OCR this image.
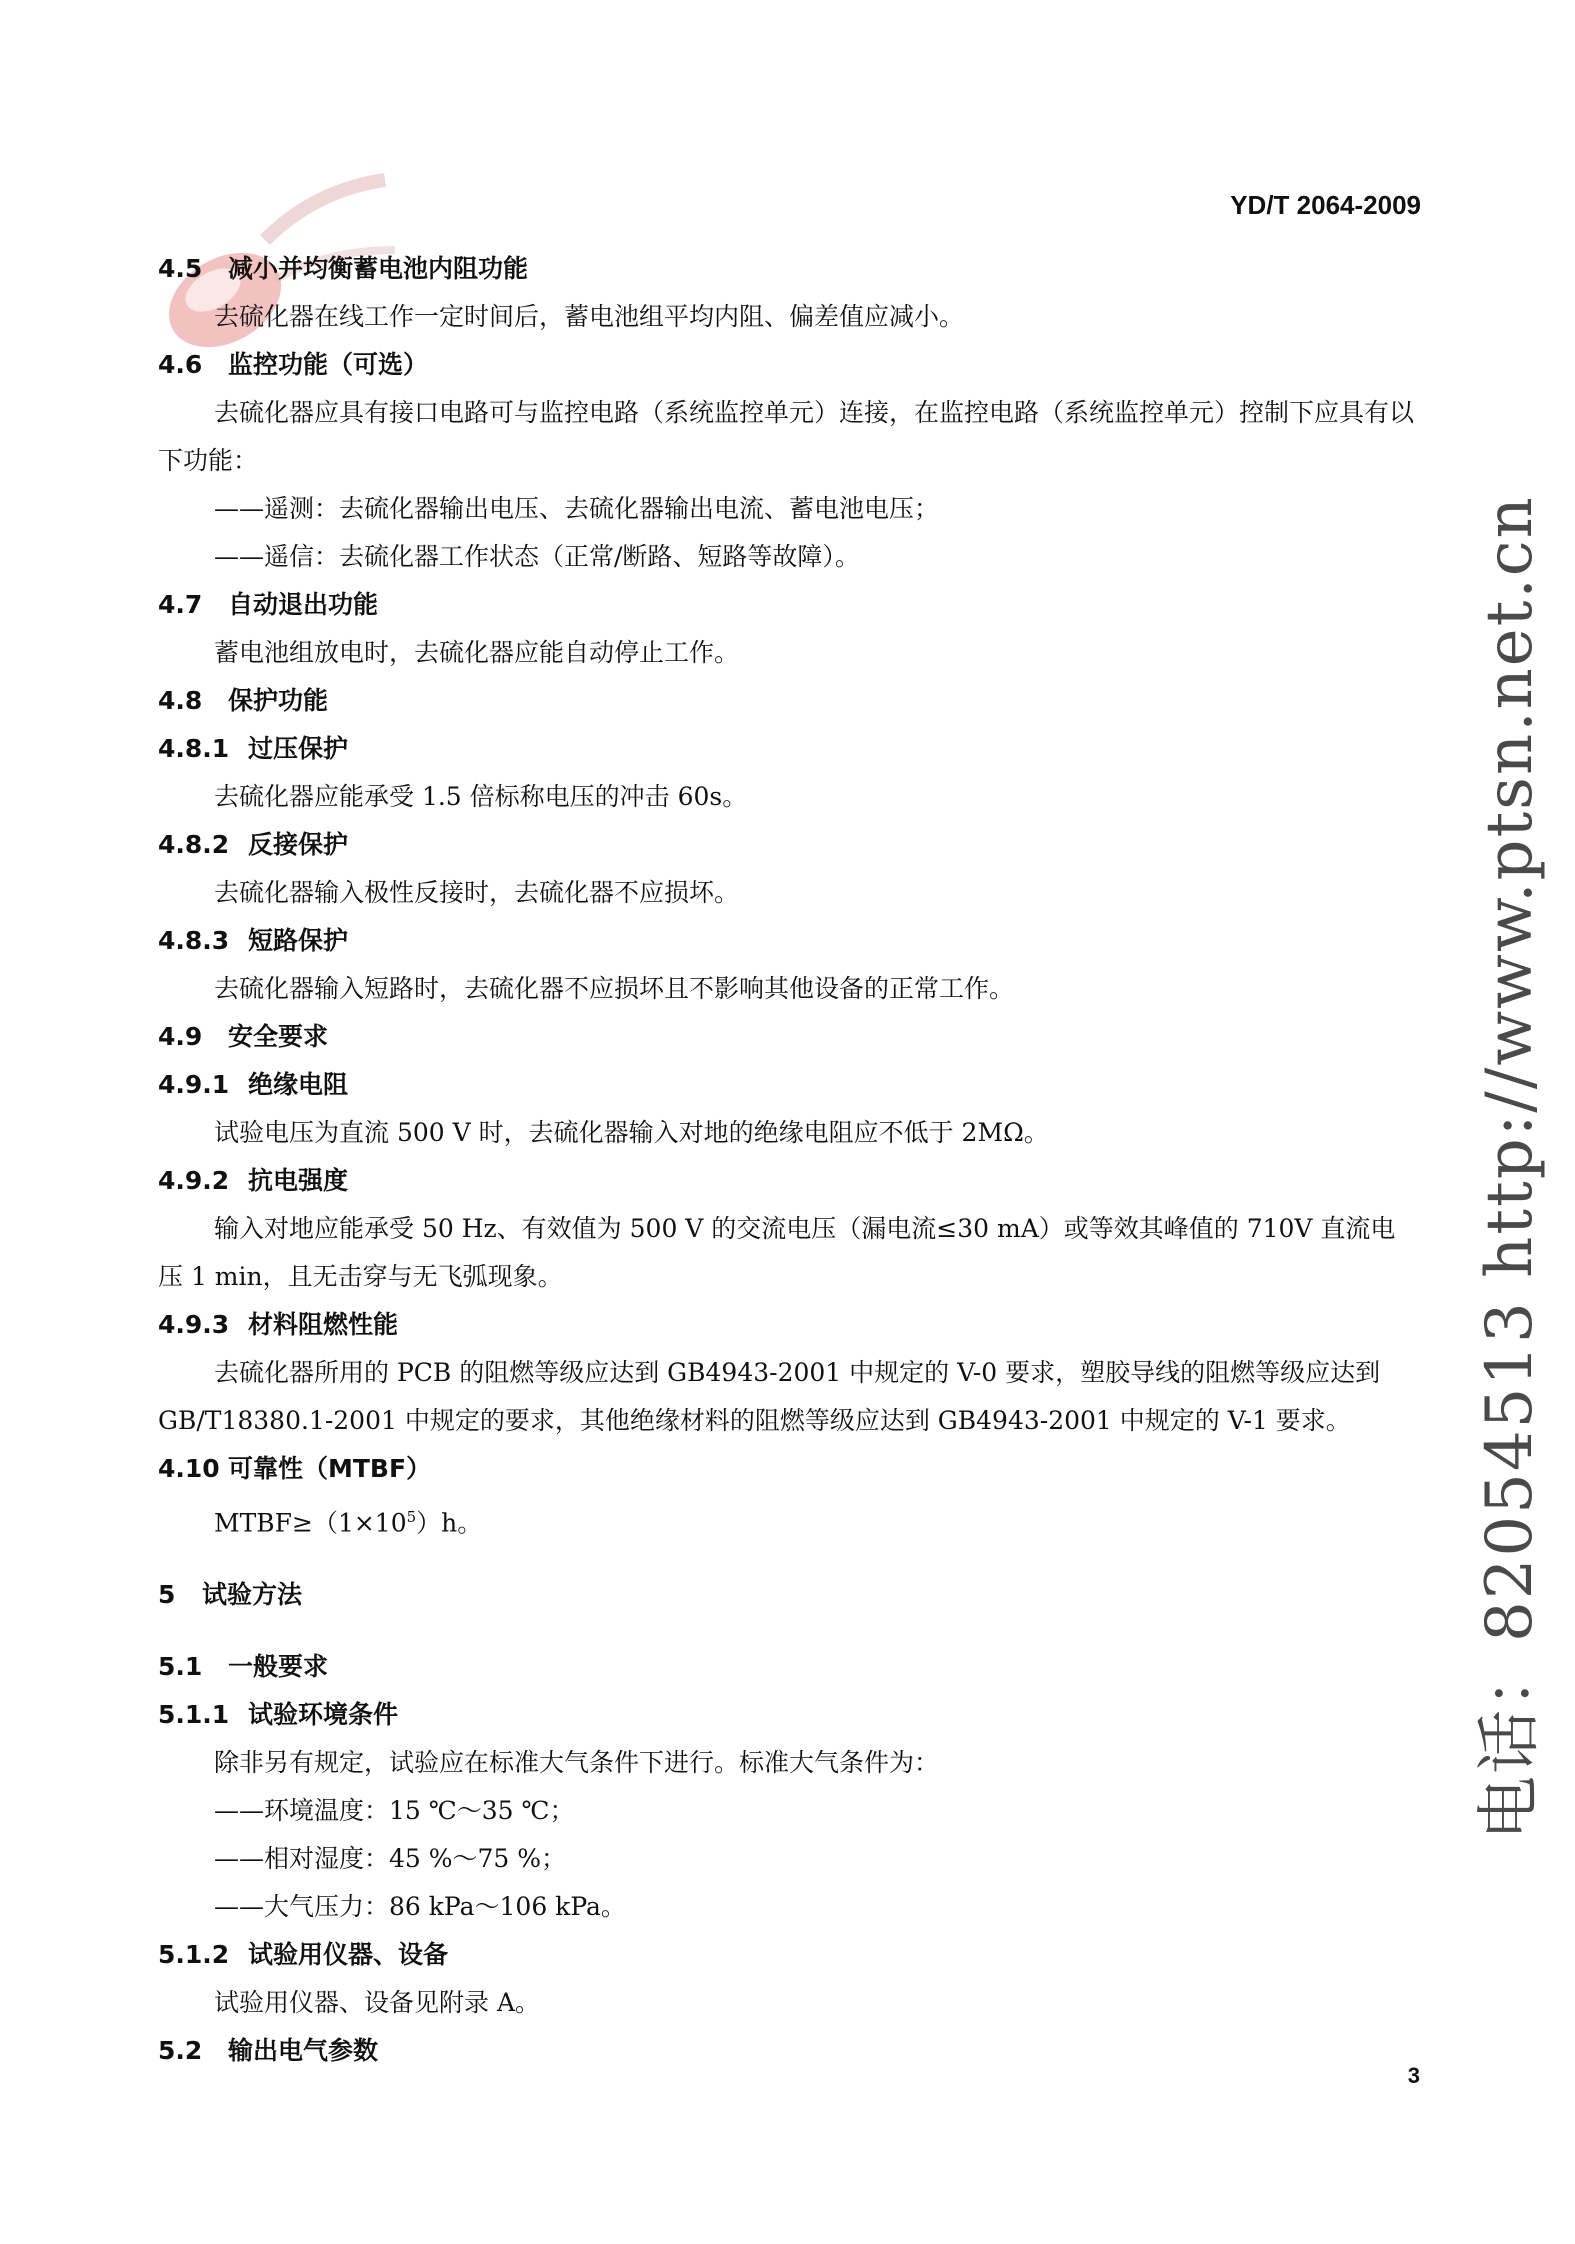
YD/T 2064-2009

4.5 减小并均衡蓄电池内阻功能

去硫化器在线工作一定时间后，蓄电池组平均内阻、偏差值应减小。

4.6 监控功能（可选）

去硫化器应具有接口电路可与监控电路（系统监控单元）连接，在监控电路（系统监控单元）控制下应具有以下功能：

——遥测：去硫化器输出电压、去硫化器输出电流、蓄电池电压；

——遥信：去硫化器工作状态（正常/断路、短路等故障）。

4.7 自动退出功能

蓄电池组放电时，去硫化器应能自动停止工作。

4.8 保护功能
4.8.1 过压保护

去硫化器应能承受 1.5 倍标称电压的冲击 60s。

4.8.2 反接保护

去硫化器输入极性反接时，去硫化器不应损坏。

4.8.3 短路保护

去硫化器输入短路时，去硫化器不应损坏且不影响其他设备的正常工作。

4.9 安全要求
4.9.1 绝缘电阻

试验电压为直流 500 V 时，去硫化器输入对地的绝缘电阻应不低于 2MΩ。

4.9.2 抗电强度

输入对地应能承受 50 Hz、有效值为 500 V 的交流电压（漏电流≤30 mA）或等效其峰值的 710V 直流电压 1 min，且无击穿与无飞弧现象。

4.9.3 材料阻燃性能

去硫化器所用的 PCB 的阻燃等级应达到 GB4943-2001 中规定的 V-0 要求，塑胶导线的阻燃等级应达到 GB/T18380.1-2001 中规定的要求，其他绝缘材料的阻燃等级应达到 GB4943-2001 中规定的 V-1 要求。

4.10 可靠性（MTBF）

$MTBF\ge(1\times 10^5)h$。

5 试验方法
5.1 一般要求
5.1.1 试验环境条件

除非另有规定，试验应在标准大气条件下进行。标准大气条件为：

——环境温度：15 ℃～35 ℃；

——相对湿度：45 %～75 %；

——大气压力：86 kPa～106 kPa。

5.1.2 试验用仪器、设备

试验用仪器、设备见附录 A。

5.2 输出电气参数
电话：82054513 http://www.ptsn.net.cn
3
